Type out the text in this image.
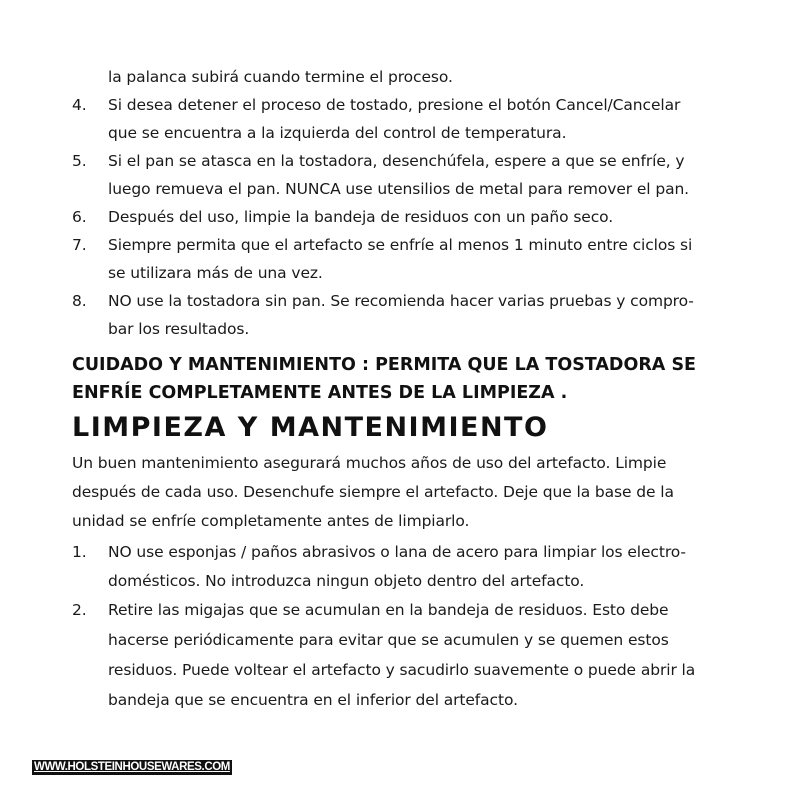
la palanca subirá cuando termine el proceso.
4. Si desea detener el proceso de tostado, presione el botón Cancel/Cancelar
que se encuentra a la izquierda del control de temperatura.
5. Si el pan se atasca en la tostadora, desenchúfela, espere a que se enfríe, y
luego remueva el pan. NUNCA use utensilios de metal para remover el pan.
6. Después del uso, limpie la bandeja de residuos con un paño seco.
7. Siempre permita que el artefacto se enfríe al menos 1 minuto entre ciclos si
se utilizara más de una vez.
8. NO use la tostadora sin pan. Se recomienda hacer varias pruebas y compro-
bar los resultados.
CUIDADO Y MANTENIMIENTO : PERMITA QUE LA TOSTADORA SE
ENFRÍE COMPLETAMENTE ANTES DE LA LIMPIEZA .
LIMPIEZA Y MANTENIMIENTO
Un buen mantenimiento asegurará muchos años de uso del artefacto. Limpie
después de cada uso. Desenchufe siempre el artefacto. Deje que la base de la
unidad se enfríe completamente antes de limpiarlo.
1. NO use esponjas / paños abrasivos o lana de acero para limpiar los electro-
domésticos. No introduzca ningun objeto dentro del artefacto.
2. Retire las migajas que se acumulan en la bandeja de residuos. Esto debe
hacerse periódicamente para evitar que se acumulen y se quemen estos
residuos. Puede voltear el artefacto y sacudirlo suavemente o puede abrir la
bandeja que se encuentra en el inferior del artefacto.
WWW.HOLSTEINHOUSEWARES.COM
